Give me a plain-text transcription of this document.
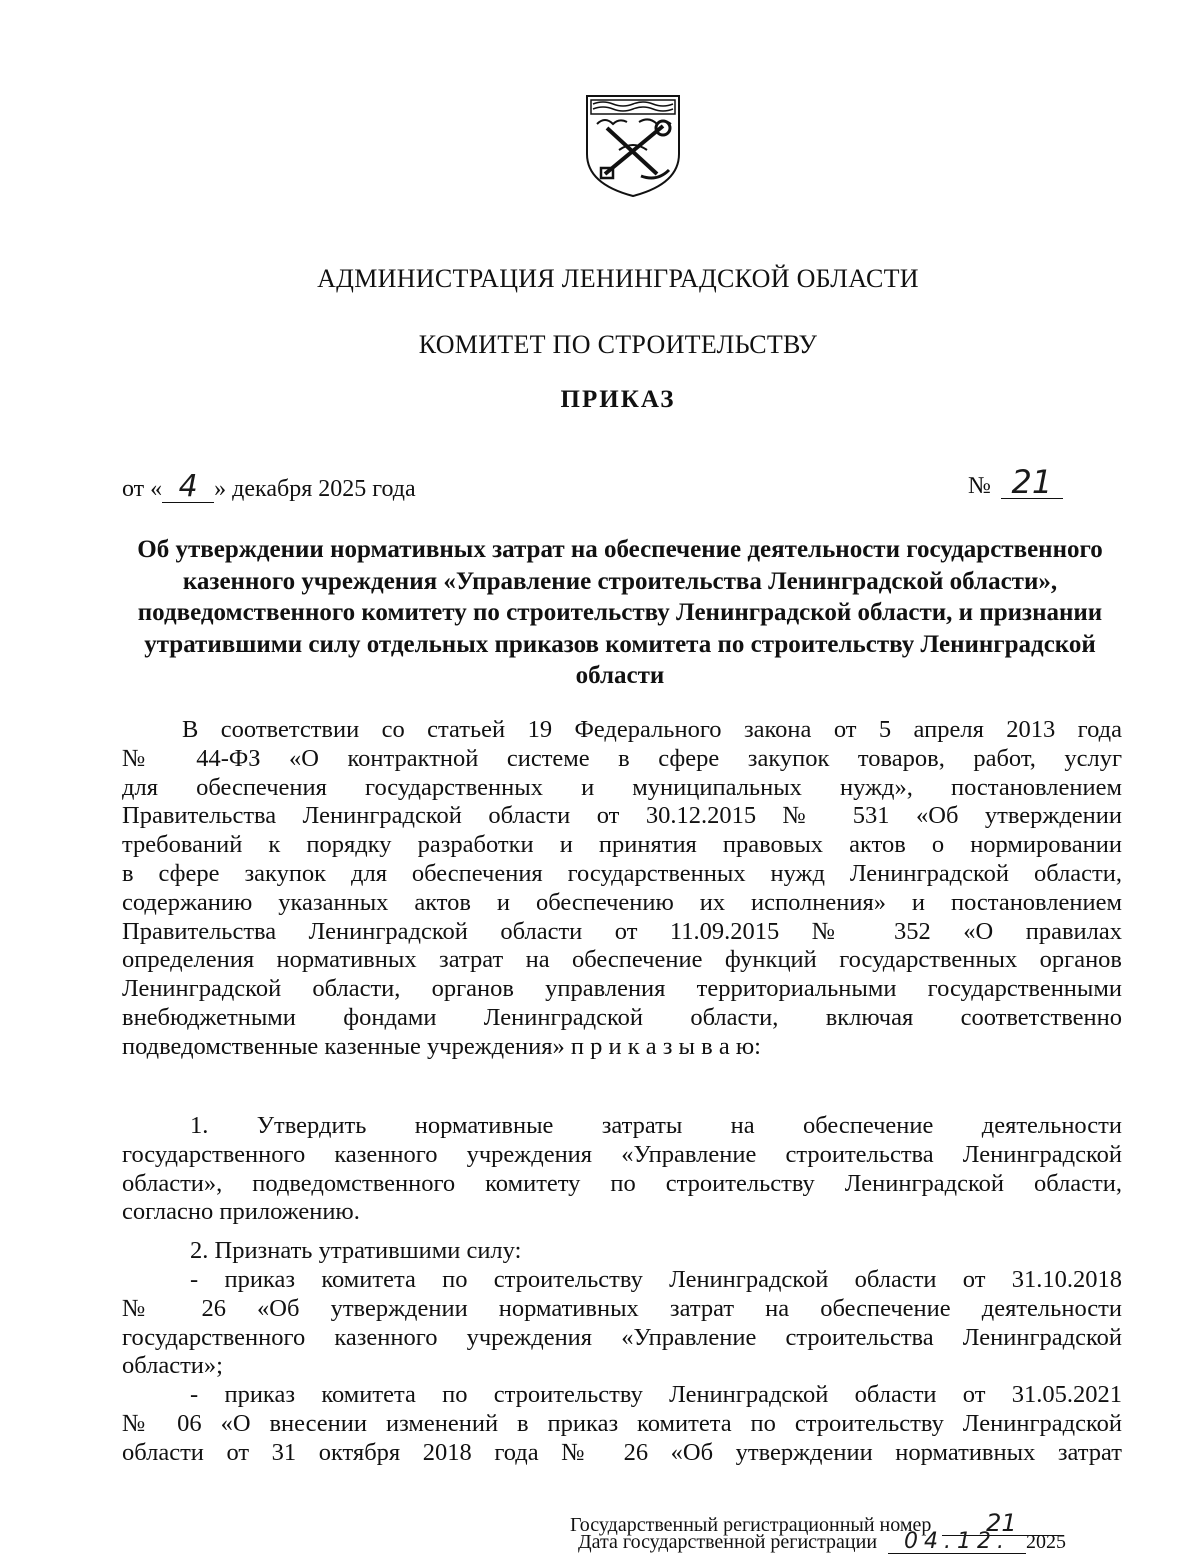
АДМИНИСТРАЦИЯ ЛЕНИНГРАДСКОЙ ОБЛАСТИ
КОМИТЕТ ПО СТРОИТЕЛЬСТВУ
ПРИКАЗ
от « 4 » декабря 2025 года	№ 21
Об утверждении нормативных затрат на обеспечение деятельности государственного казенного учреждения «Управление строительства Ленинградской области», подведомственного комитету по строительству Ленинградской области, и признании утратившими силу отдельных приказов комитета по строительству Ленинградской области
В соответствии со статьей 19 Федерального закона от 5 апреля 2013 года
№ 44-ФЗ «О контрактной системе в сфере закупок товаров, работ, услуг
для обеспечения государственных и муниципальных нужд», постановлением
Правительства Ленинградской области от 30.12.2015 № 531 «Об утверждении
требований к порядку разработки и принятия правовых актов о нормировании
в сфере закупок для обеспечения государственных нужд Ленинградской области,
содержанию указанных актов и обеспечению их исполнения» и постановлением
Правительства Ленинградской области от 11.09.2015 № 352 «О правилах
определения нормативных затрат на обеспечение функций государственных органов
Ленинградской области, органов управления территориальными государственными
внебюджетными фондами Ленинградской области, включая соответственно
подведомственные казенные учреждения» п р и к а з ы в а ю:
1. Утвердить нормативные затраты на обеспечение деятельности
государственного казенного учреждения «Управление строительства Ленинградской
области», подведомственного комитету по строительству Ленинградской области,
согласно приложению.
2. Признать утратившими силу:
- приказ комитета по строительству Ленинградской области от 31.10.2018
№ 26 «Об утверждении нормативных затрат на обеспечение деятельности
государственного казенного учреждения «Управление строительства Ленинградской
области»;
- приказ комитета по строительству Ленинградской области от 31.05.2021
№ 06 «О внесении изменений в приказ комитета по строительству Ленинградской
области от 31 октября 2018 года № 26 «Об утверждении нормативных затрат
Государственный регистрационный номер 21
Дата государственной регистрации 04.12. 2025
